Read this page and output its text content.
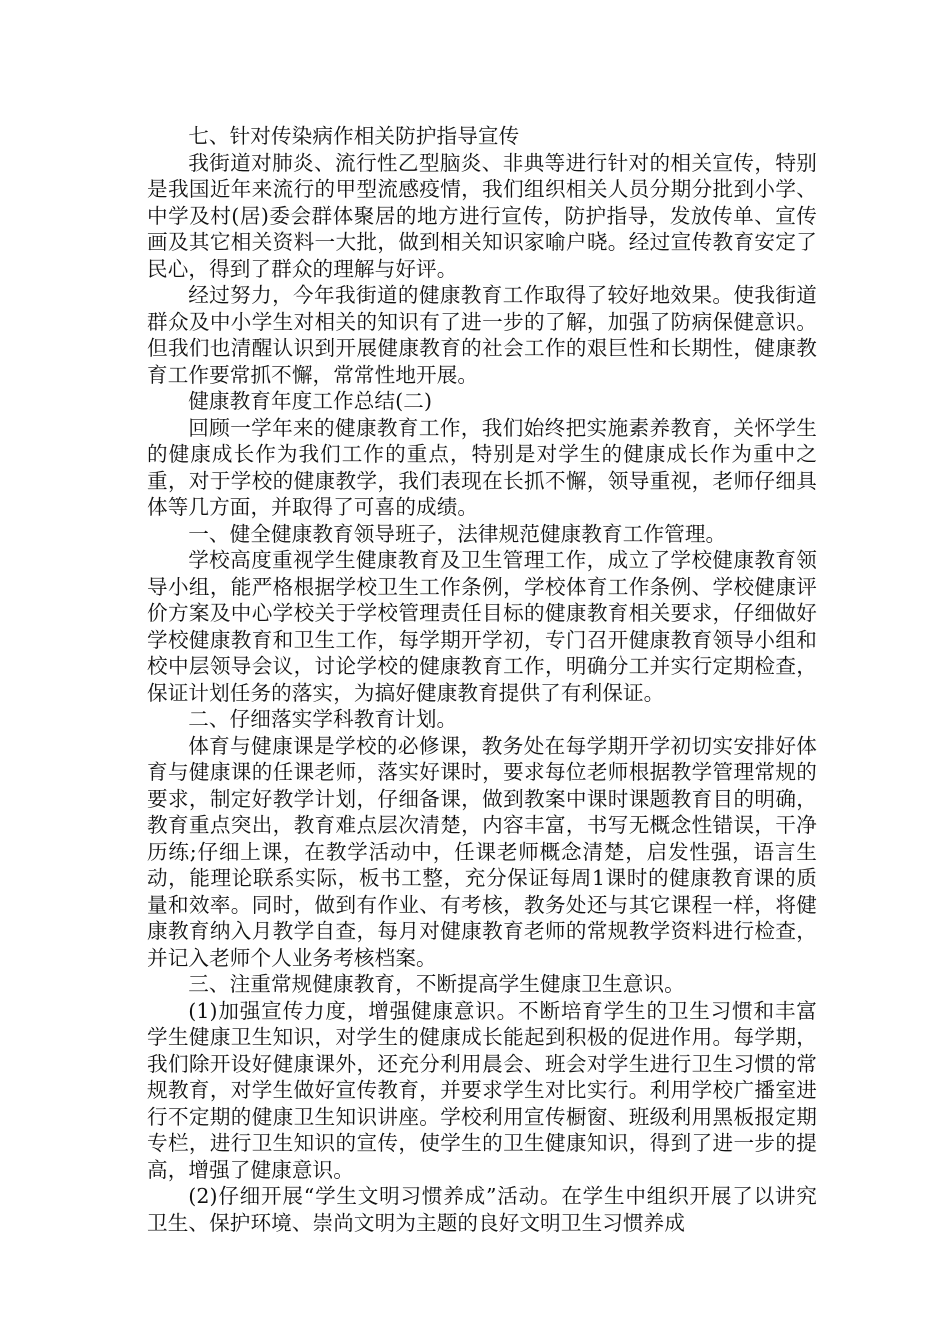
七、针对传染病作相关防护指导宣传

我街道对肺炎、流行性乙型脑炎、非典等进行针对的相关宣传，特别是我国近年来流行的甲型流感疫情，我们组织相关人员分期分批到小学、中学及村(居)委会群体聚居的地方进行宣传，防护指导，发放传单、宣传画及其它相关资料一大批，做到相关知识家喻户晓。经过宣传教育安定了民心，得到了群众的理解与好评。

经过努力，今年我街道的健康教育工作取得了较好地效果。使我街道群众及中小学生对相关的知识有了进一步的了解，加强了防病保健意识。但我们也清醒认识到开展健康教育的社会工作的艰巨性和长期性，健康教育工作要常抓不懈，常常性地开展。

健康教育年度工作总结(二)

回顾一学年来的健康教育工作，我们始终把实施素养教育，关怀学生的健康成长作为我们工作的重点，特别是对学生的健康成长作为重中之重，对于学校的健康教学，我们表现在长抓不懈，领导重视，老师仔细具体等几方面，并取得了可喜的成绩。

一、健全健康教育领导班子，法律规范健康教育工作管理。

学校高度重视学生健康教育及卫生管理工作，成立了学校健康教育领导小组，能严格根据学校卫生工作条例，学校体育工作条例、学校健康评价方案及中心学校关于学校管理责任目标的健康教育相关要求，仔细做好学校健康教育和卫生工作，每学期开学初，专门召开健康教育领导小组和校中层领导会议，讨论学校的健康教育工作，明确分工并实行定期检查，保证计划任务的落实，为搞好健康教育提供了有利保证。

二、仔细落实学科教育计划。

体育与健康课是学校的必修课，教务处在每学期开学初切实安排好体育与健康课的任课老师，落实好课时，要求每位老师根据教学管理常规的要求，制定好教学计划，仔细备课，做到教案中课时课题教育目的明确，教育重点突出，教育难点层次清楚，内容丰富，书写无概念性错误，干净历练;仔细上课，在教学活动中，任课老师概念清楚，启发性强，语言生动，能理论联系实际，板书工整，充分保证每周1课时的健康教育课的质量和效率。同时，做到有作业、有考核，教务处还与其它课程一样，将健康教育纳入月教学自查，每月对健康教育老师的常规教学资料进行检查，并记入老师个人业务考核档案。

三、注重常规健康教育，不断提高学生健康卫生意识。

(1)加强宣传力度，增强健康意识。不断培育学生的卫生习惯和丰富学生健康卫生知识，对学生的健康成长能起到积极的促进作用。每学期，我们除开设好健康课外，还充分利用晨会、班会对学生进行卫生习惯的常规教育，对学生做好宣传教育，并要求学生对比实行。利用学校广播室进行不定期的健康卫生知识讲座。学校利用宣传橱窗、班级利用黑板报定期专栏，进行卫生知识的宣传，使学生的卫生健康知识，得到了进一步的提高，增强了健康意识。

(2)仔细开展“学生文明习惯养成”活动。在学生中组织开展了以讲究卫生、保护环境、崇尚文明为主题的良好文明卫生习惯养成
